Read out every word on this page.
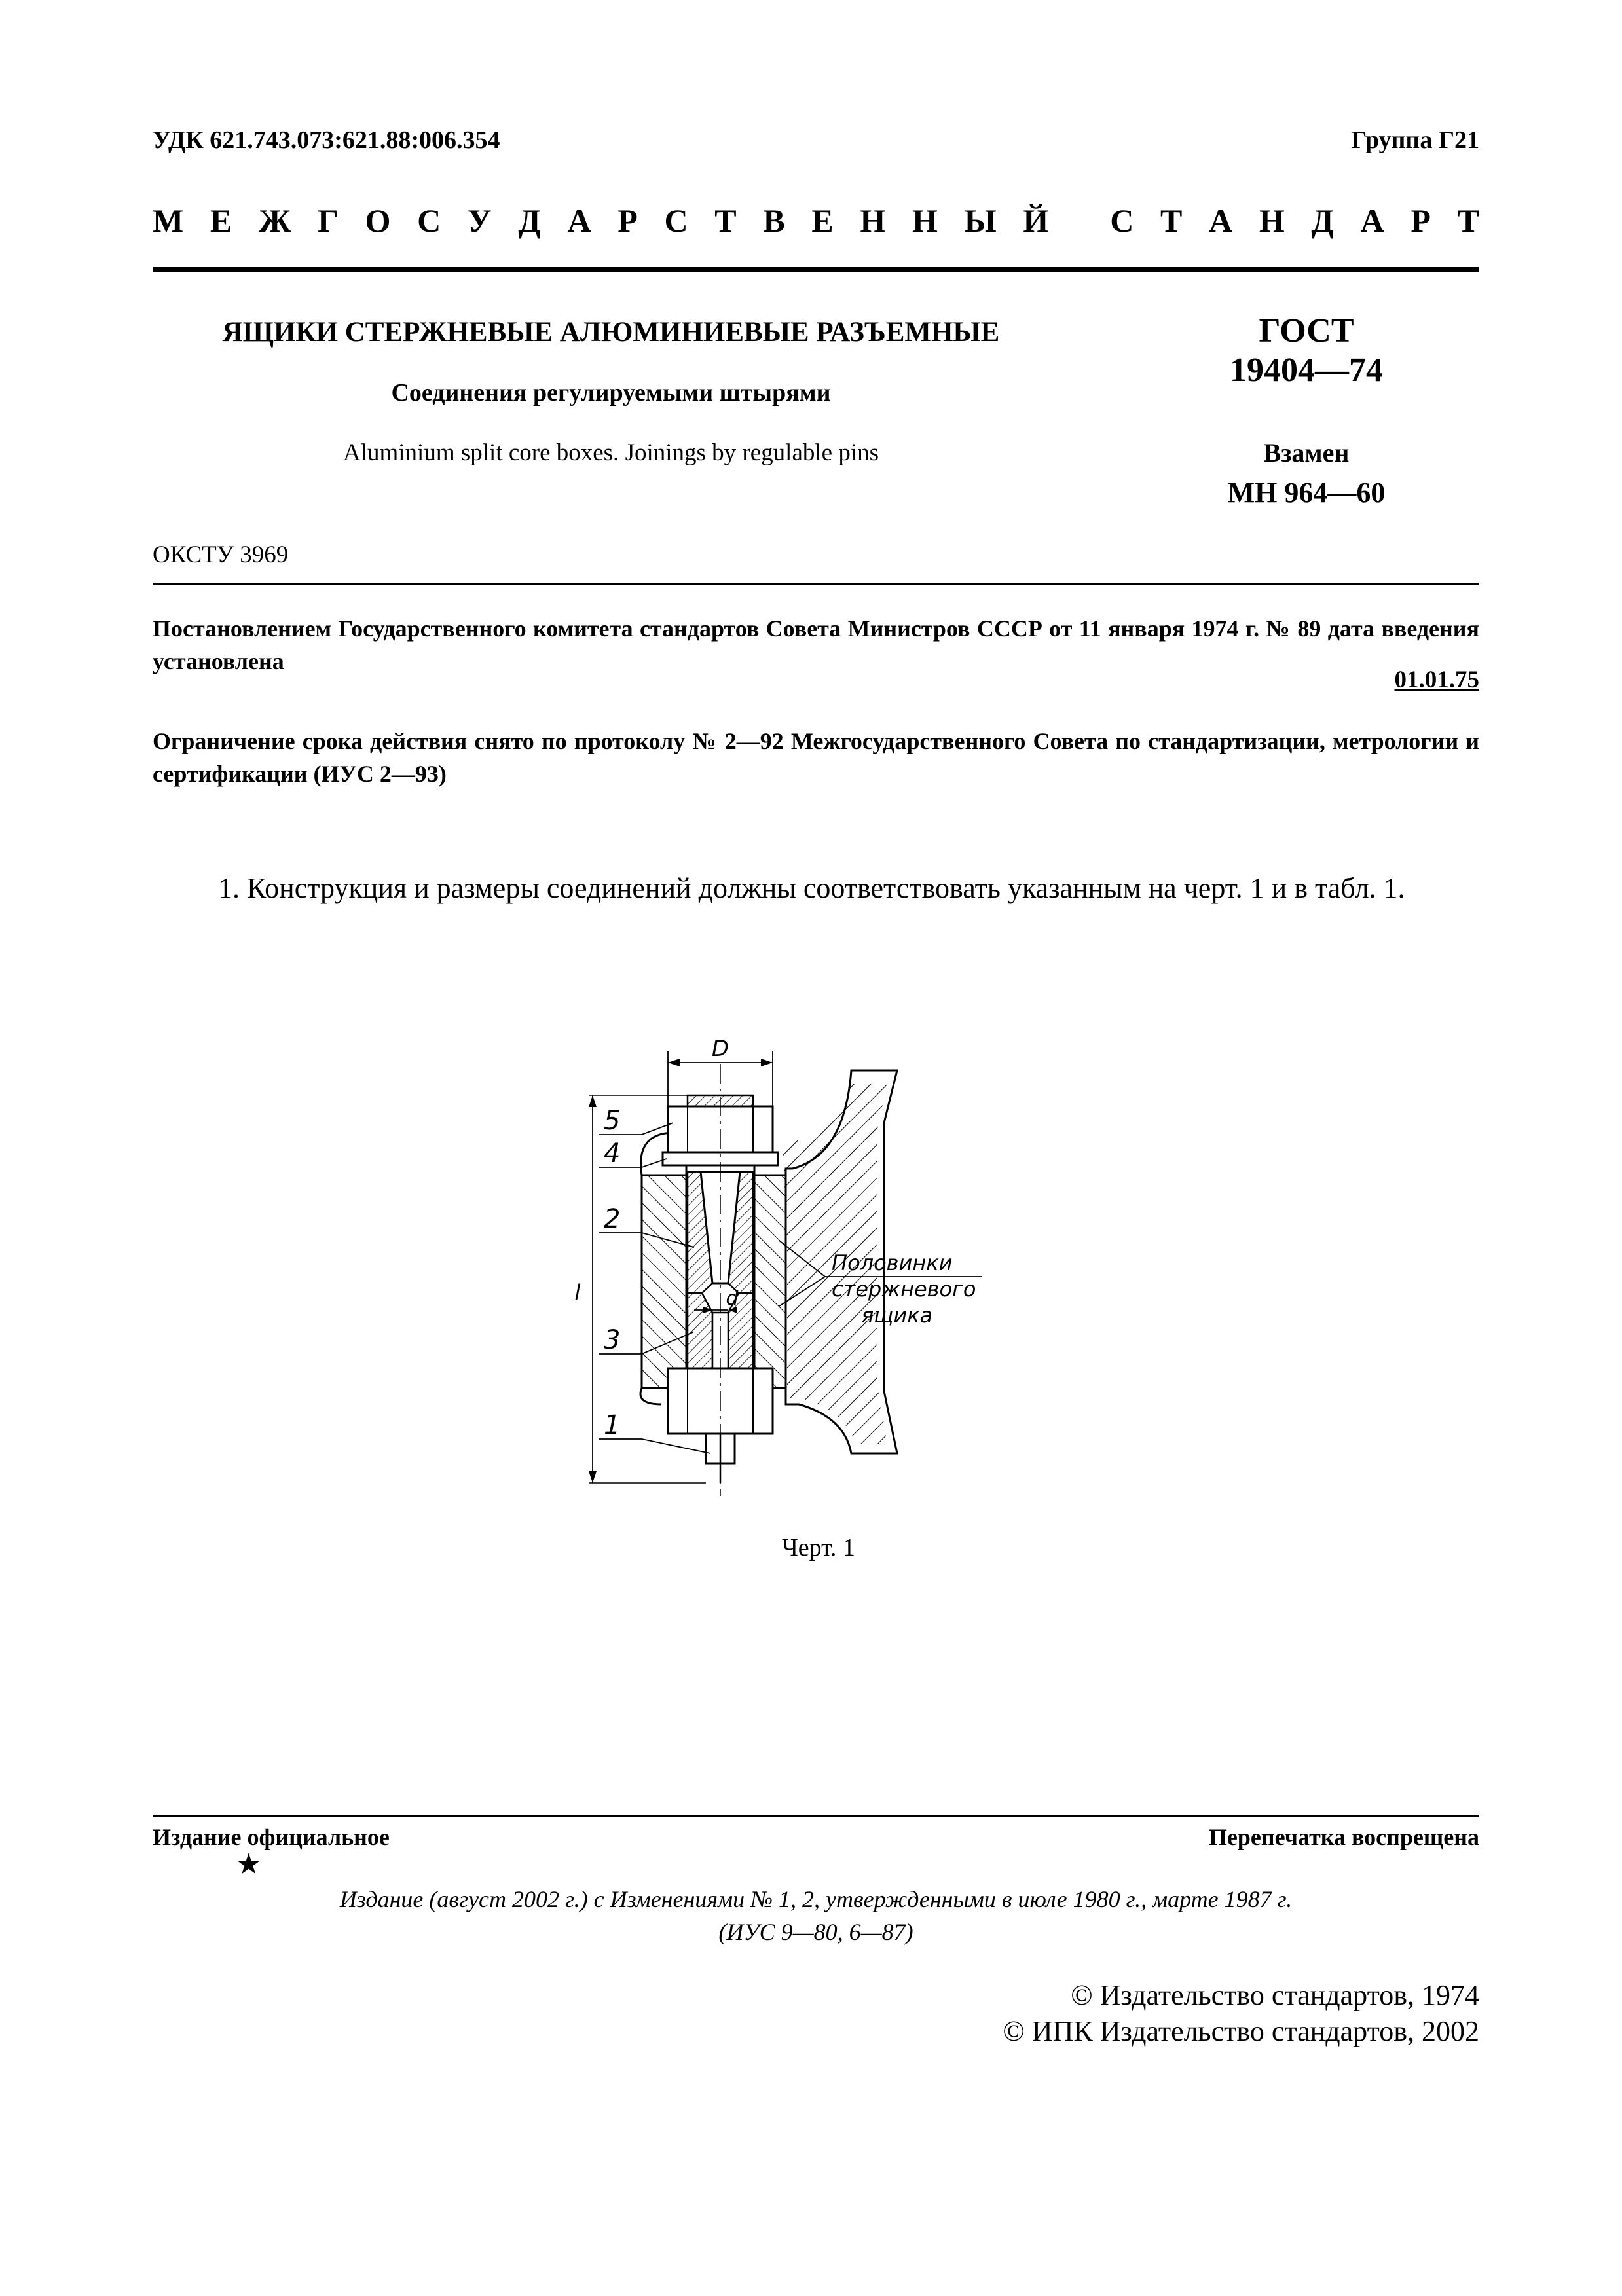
УДК 621.743.073:621.88:006.354	Группа Г21
М Е Ж Г О С У Д А Р С Т В Е Н Н Ы Й
С Т А Н Д А Р Т
ЯЩИКИ СТЕРЖНЕВЫЕ АЛЮМИНИЕВЫЕ РАЗЪЕМНЫЕ
Соединения регулируемыми штырями
Aluminium split core boxes. Joinings by regulable pins
ГОСТ
19404—74
Взамен
МН 964—60
ОКСТУ 3969
Постановлением Государственного комитета стандартов Совета Министров СССР от 11 января 1974 г. № 89 дата введения установлена
01.01.75
Ограничение срока действия снято по протоколу № 2—92 Межгосударственного Совета по стандартизации, метрологии и сертификации (ИУС 2—93)
1. Конструкция и размеры соединений должны соответствовать указанным на черт. 1 и в табл. 1.
D
d
l
5
4
2
3
1
Половинки
стержневого
ящика
Черт. 1
Издание официальное	Перепечатка воспрещена
★
Издание (август 2002 г.) с Изменениями № 1, 2, утвержденными в июле 1980 г., марте 1987 г.
(ИУС 9—80, 6—87)
© Издательство стандартов, 1974
© ИПК Издательство стандартов, 2002
